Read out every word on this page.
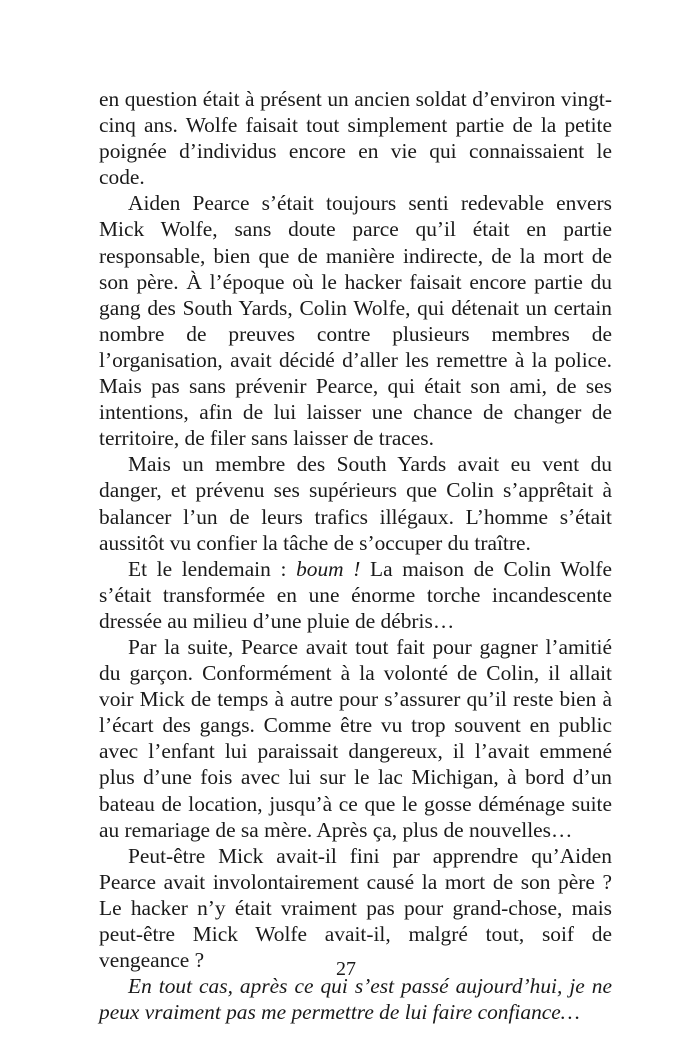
en question était à présent un ancien soldat d’environ vingt-cinq ans. Wolfe faisait tout simplement partie de la petite poignée d’individus encore en vie qui connaissaient le code.

Aiden Pearce s’était toujours senti redevable envers Mick Wolfe, sans doute parce qu’il était en partie responsable, bien que de manière indirecte, de la mort de son père. À l’époque où le hacker faisait encore partie du gang des South Yards, Colin Wolfe, qui détenait un certain nombre de preuves contre plusieurs membres de l’organisation, avait décidé d’aller les remettre à la police. Mais pas sans prévenir Pearce, qui était son ami, de ses intentions, afin de lui laisser une chance de changer de territoire, de filer sans laisser de traces.

Mais un membre des South Yards avait eu vent du danger, et prévenu ses supérieurs que Colin s’apprêtait à balancer l’un de leurs trafics illégaux. L’homme s’était aussitôt vu confier la tâche de s’occuper du traître.

Et le lendemain : boum ! La maison de Colin Wolfe s’était transformée en une énorme torche incandescente dressée au milieu d’une pluie de débris…

Par la suite, Pearce avait tout fait pour gagner l’amitié du garçon. Conformément à la volonté de Colin, il allait voir Mick de temps à autre pour s’assurer qu’il reste bien à l’écart des gangs. Comme être vu trop souvent en public avec l’enfant lui paraissait dangereux, il l’avait emmené plus d’une fois avec lui sur le lac Michigan, à bord d’un bateau de location, jusqu’à ce que le gosse déménage suite au remariage de sa mère. Après ça, plus de nouvelles…

Peut-être Mick avait-il fini par apprendre qu’Aiden Pearce avait involontairement causé la mort de son père ? Le hacker n’y était vraiment pas pour grand-chose, mais peut-être Mick Wolfe avait-il, malgré tout, soif de vengeance ?

En tout cas, après ce qui s’est passé aujourd’hui, je ne peux vraiment pas me permettre de lui faire confiance…

27
